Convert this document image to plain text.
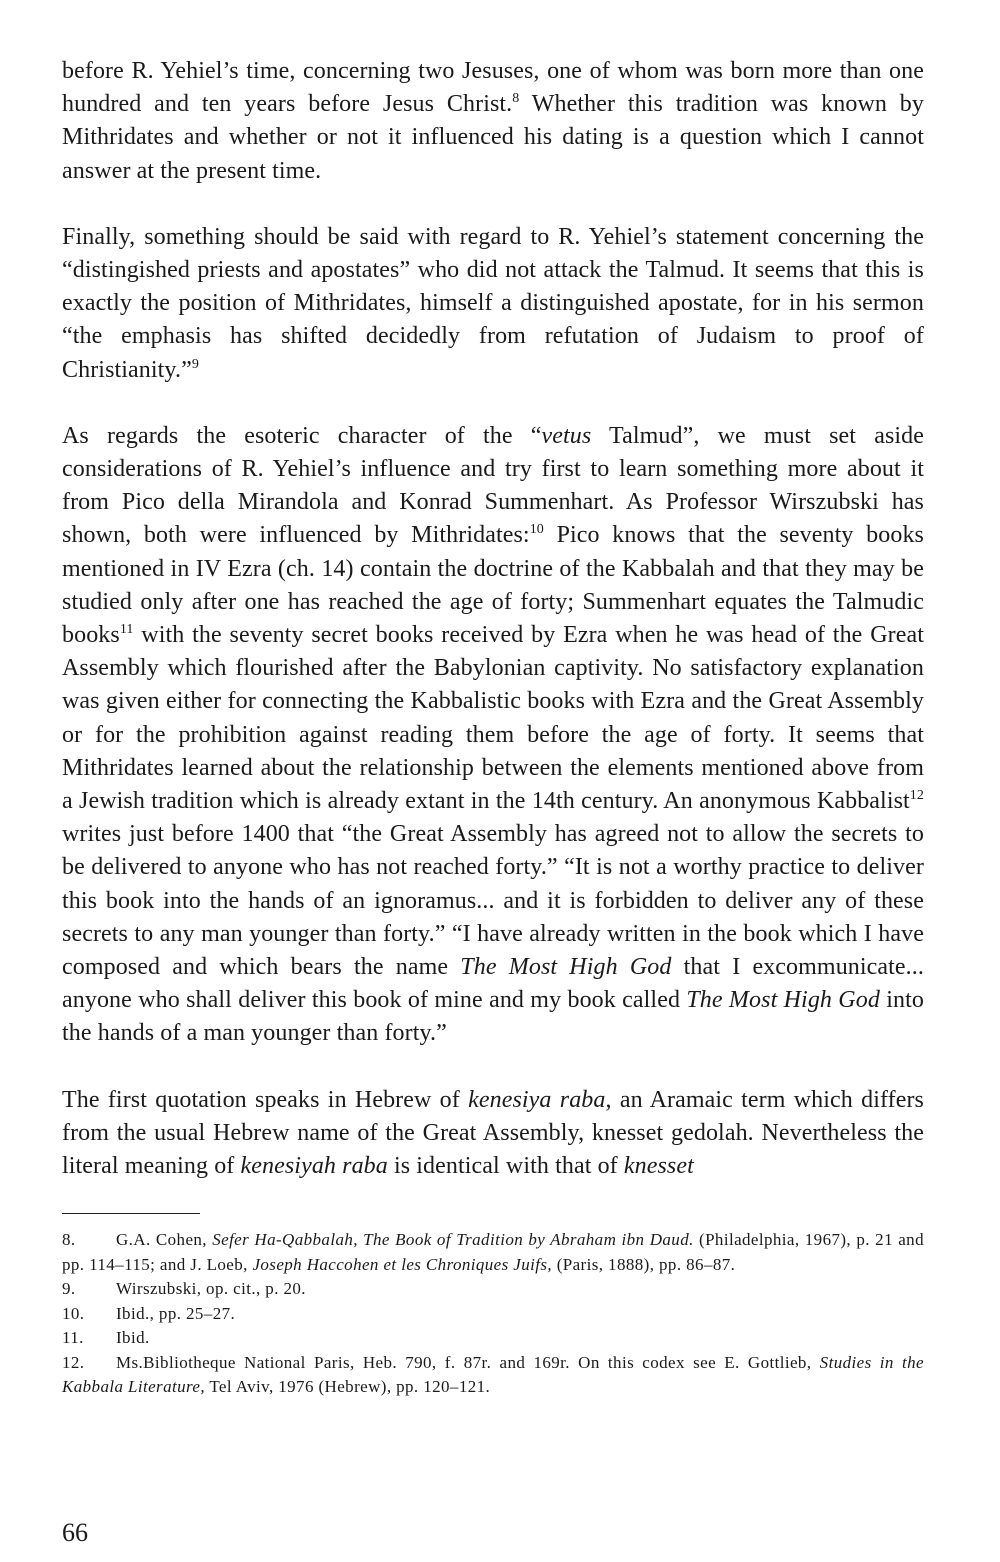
before R. Yehiel’s time, concerning two Jesuses, one of whom was born more than one hundred and ten years before Jesus Christ.$^8$ Whether this tradition was known by Mithridates and whether or not it influenced his dating is a question which I cannot answer at the present time.

Finally, something should be said with regard to R. Yehiel’s statement concerning the “distingished priests and apostates” who did not attack the Talmud. It seems that this is exactly the position of Mithridates, himself a distinguished apostate, for in his sermon “the emphasis has shifted decidedly from refutation of Judaism to proof of Christianity.”$^9$

As regards the esoteric character of the “vetus Talmud”, we must set aside considerations of R. Yehiel’s influence and try first to learn something more about it from Pico della Mirandola and Konrad Summenhart. As Professor Wirszubski has shown, both were influenced by Mithridates:$^{10}$ Pico knows that the seventy books mentioned in IV Ezra (ch. 14) contain the doctrine of the Kabbalah and that they may be studied only after one has reached the age of forty; Summenhart equates the Talmudic books$^{11}$ with the seventy secret books received by Ezra when he was head of the Great Assembly which flourished after the Babylonian captivity. No satisfactory explanation was given either for connecting the Kabbalistic books with Ezra and the Great Assembly or for the prohibition against reading them before the age of forty. It seems that Mithridates learned about the relationship between the elements mentioned above from a Jewish tradition which is already extant in the 14th century. An anonymous Kabbalist$^{12}$ writes just before 1400 that “the Great Assembly has agreed not to allow the secrets to be delivered to anyone who has not reached forty.” “It is not a worthy practice to deliver this book into the hands of an ignoramus... and it is forbidden to deliver any of these secrets to any man younger than forty.” “I have already written in the book which I have composed and which bears the name The Most High God that I excommunicate... anyone who shall deliver this book of mine and my book called The Most High God into the hands of a man younger than forty.”

The first quotation speaks in Hebrew of kenesiya raba, an Aramaic term which differs from the usual Hebrew name of the Great Assembly, knesset gedolah. Nevertheless the literal meaning of kenesiyah raba is identical with that of knesset

8. G.A. Cohen, Sefer Ha-Qabbalah, The Book of Tradition by Abraham ibn Daud. (Philadelphia, 1967), p. 21 and pp. 114–115; and J. Loeb, Joseph Haccohen et les Chroniques Juifs, (Paris, 1888), pp. 86–87.

9. Wirszubski, op. cit., p. 20.

10. Ibid., pp. 25–27.

11. Ibid.

12. Ms.Bibliotheque National Paris, Heb. 790, f. 87r. and 169r. On this codex see E. Gottlieb, Studies in the Kabbala Literature, Tel Aviv, 1976 (Hebrew), pp. 120–121.

66
